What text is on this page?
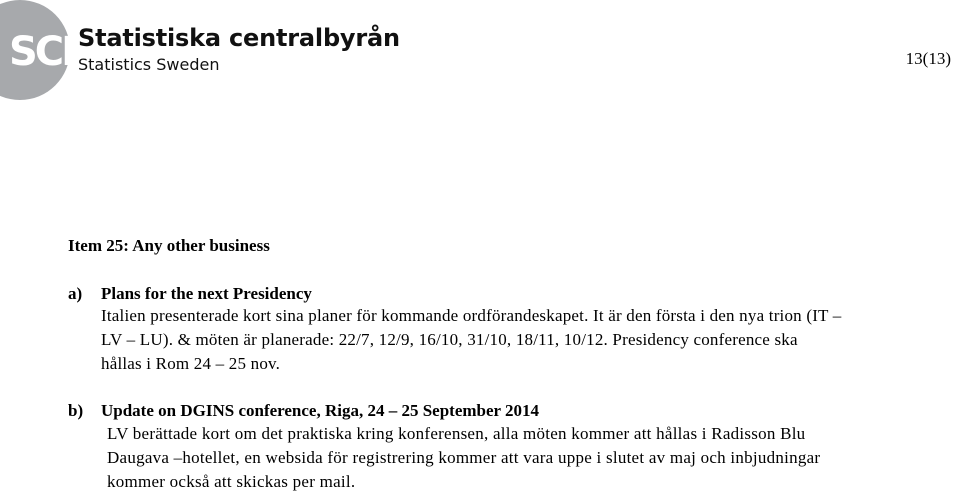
SCB

Statistiska centralbyrån

Statistics Sweden	13(13)
Item 25: Any other business
a) Plans for the next Presidency

Italien presenterade kort sina planer för kommande ordförandeskapet. It är den första i den nya trion (IT –
LV – LU). & möten är planerade: 22/7, 12/9, 16/10, 31/10, 18/11, 10/12. Presidency conference ska
hållas i Rom 24 – 25 nov.

b) Update on DGINS conference, Riga, 24 – 25 September 2014

LV berättade kort om det praktiska kring konferensen, alla möten kommer att hållas i Radisson Blu
Daugava –hotellet, en websida för registrering kommer att vara uppe i slutet av maj och inbjudningar
kommer också att skickas per mail.
